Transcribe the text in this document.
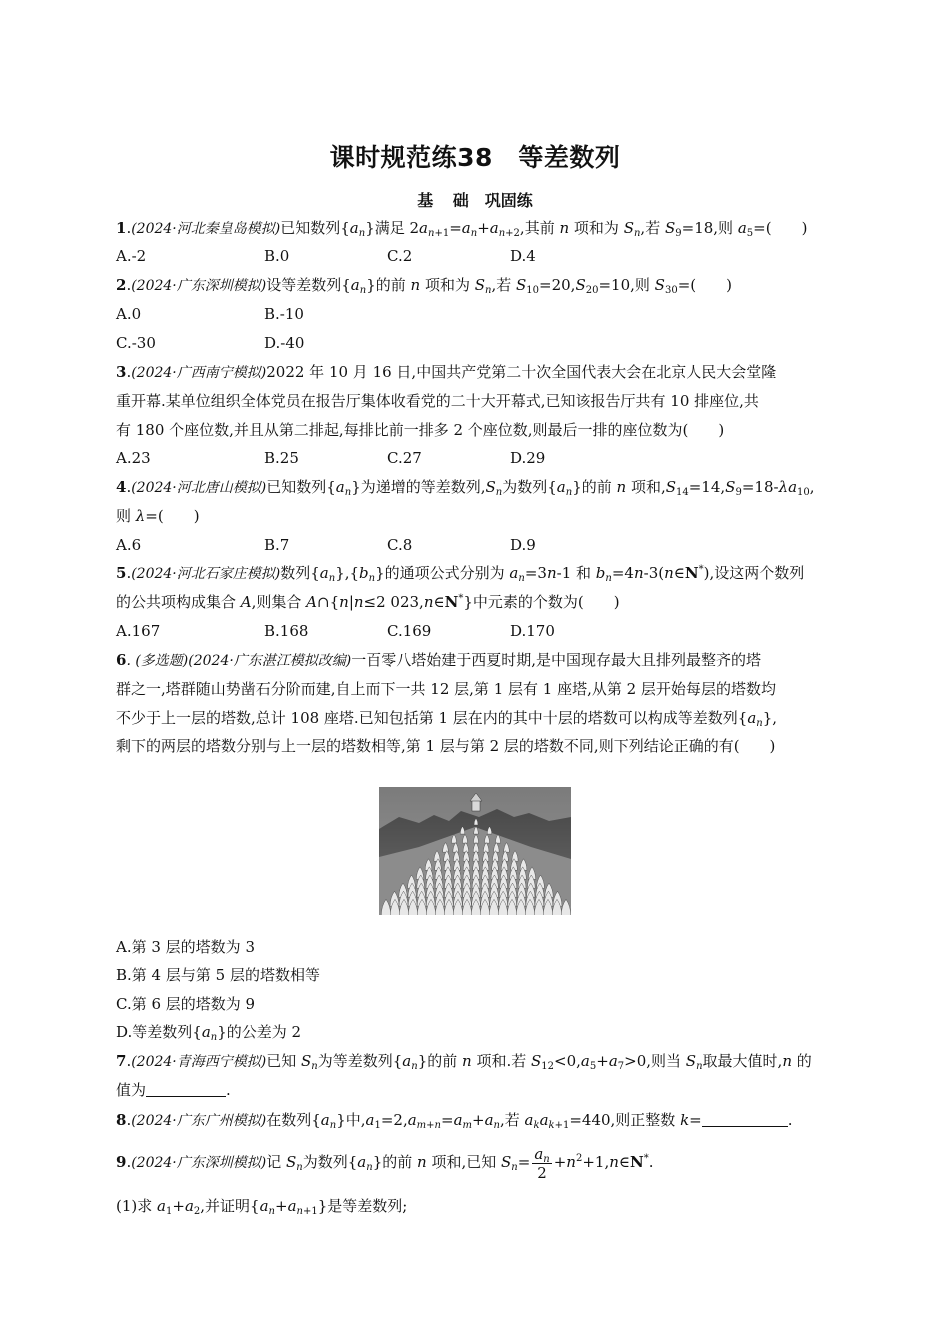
课时规范练38　等差数列
基 础　巩固练
1.(2024·河北秦皇岛模拟)已知数列$\{a_n\}$满足 $2a_{n+1}=a_n+a_{n+2}$,其前 n 项和为 $S_n$,若 $S_9=18$,则 $a_5=$(　　)
A.-2	B.0	C.2	D.4
2.(2024·广东深圳模拟)设等差数列$\{a_n\}$的前 n 项和为 $S_n$,若 $S_{10}=20,S_{20}=10$,则 $S_{30}=$(　　)
A.0	B.-10
C.-30	D.-40
3.(2024·广西南宁模拟)2022 年 10 月 16 日,中国共产党第二十次全国代表大会在北京人民大会堂隆
重开幕.某单位组织全体党员在报告厅集体收看党的二十大开幕式,已知该报告厅共有 10 排座位,共
有 180 个座位数,并且从第二排起,每排比前一排多 2 个座位数,则最后一排的座位数为(　　)
A.23	B.25	C.27	D.29
4.(2024·河北唐山模拟)已知数列$\{a_n\}$为递增的等差数列$,S_n$为数列$\{a_n\}$的前 n 项和$,S_{14}=14,S_9=18-\lambda a_{10}$,
则 λ=(　　)
A.6	B.7	C.8	D.9
5.(2024·河北石家庄模拟)数列$\{a_n\},\{b_n\}$的通项公式分别为 $a_n=3n-1$ 和 $b_n=4n-3(n\in N^*)$,设这两个数列
的公共项构成集合 A,则集合 A∩{n|n≤2 023,n∈N*}中元素的个数为(　　)
A.167	B.168	C.169	D.170
6. (多选题)(2024·广东湛江模拟改编)一百零八塔始建于西夏时期,是中国现存最大且排列最整齐的塔
群之一,塔群随山势凿石分阶而建,自上而下一共 12 层,第 1 层有 1 座塔,从第 2 层开始每层的塔数均
不少于上一层的塔数,总计 108 座塔.已知包括第 1 层在内的其中十层的塔数可以构成等差数列$\{a_n\}$,
剩下的两层的塔数分别与上一层的塔数相等,第 1 层与第 2 层的塔数不同,则下列结论正确的有(　　)
A.第 3 层的塔数为 3
B.第 4 层与第 5 层的塔数相等
C.第 6 层的塔数为 9
D.等差数列$\{a_n\}$的公差为 2
7.(2024·青海西宁模拟)已知 $S_n$为等差数列$\{a_n\}$的前 n 项和.若 $S_{12}<0,a_5+a_7>0$,则当 $S_n$取最大值时,n 的
值为	.
8.(2024·广东广州模拟)在数列$\{a_n\}$中$,a_1=2,a_{m+n}=a_m+a_n$,若 $a_ka_{k+1}=440$,则正整数 k=	.
9.(2024·广东深圳模拟)记 $S_n$为数列$\{a_n\}$的前 n 项和,已知 $S_n= \frac{a_n}{2}$ $+n^2+1,n\in N^*$.
(1)求 $a_1+a_2$,并证明$\{a_n+a_{n+1}\}$是等差数列;
